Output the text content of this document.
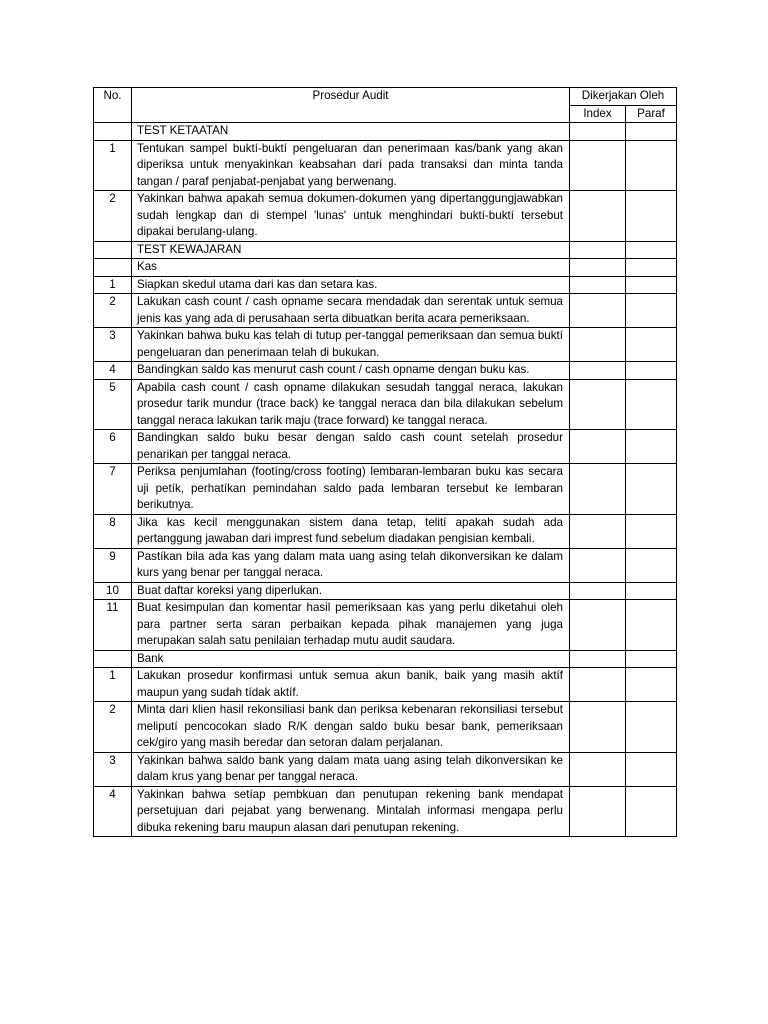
No.	Prosedur Audit	Dikerjakan Oleh	
		Index	Paraf
	TEST KETAATAN		
1	Tentukan sampel buktí-buktí pengeluaran dan penerimaan kas/bank yang akan diperiksa untuk menyakinkan keabsahan dari pada transaksi dan minta tanda tangan / paraf penjabat-penjabat yang berwenang.		
2	Yakinkan bahwa apakah semua dokumen-dokumen yang dipertanggungjawabkan sudah lengkap dan di stempel 'lunas' untuk menghindari buktí-buktí tersebut dipakai berulang-ulang.		
	TEST KEWAJARAN		
	Kas		
1	Siapkan skedul utama dari kas dan setara kas.		
2	Lakukan cash count / cash opname secara mendadak dan serentak untuk semua jenis kas yang ada di perusahaan serta dibuatkan berita acara pemeriksaan.		
3	Yakinkan bahwa buku kas telah di tutup per-tanggal pemeriksaan dan semua buktí pengeluaran dan penerimaan telah di bukukan.		
4	Bandingkan saldo kas menurut cash count / cash opname dengan buku kas.		
5	Apabila cash count / cash opname dilakukan sesudah tanggal neraca, lakukan prosedur tarik mundur (trace back) ke tanggal neraca dan bila dilakukan sebelum tanggal neraca lakukan tarik maju (trace forward) ke tanggal neraca.		
6	Bandingkan saldo buku besar dengan saldo cash count setelah prosedur penarikan per tanggal neraca.		
7	Periksa penjumlahan (footíng/cross footíng) lembaran-lembaran buku kas secara uji petík, perhatíkan pemindahan saldo pada lembaran tersebut ke lembaran berikutnya.		
8	Jika kas kecil menggunakan sistem dana tetap, telití apakah sudah ada pertanggung jawaban dari imprest fund sebelum diadakan pengisian kembali.		
9	Pastíkan bila ada kas yang dalam mata uang asing telah dikonversikan ke dalam kurs yang benar per tanggal neraca.		
10	Buat daftar koreksi yang diperlukan.		
11	Buat kesimpulan dan komentar hasil pemeriksaan kas yang perlu diketahui oleh para partner serta saran perbaikan kepada pihak manajemen yang juga merupakan salah satu penilaian terhadap mutu audit saudara.		
	Bank		
1	Lakukan prosedur konfirmasi untuk semua akun banik, baik yang masih aktíf maupun yang sudah tídak aktíf.		
2	Minta dari klien hasil rekonsiliasi bank dan periksa kebenaran rekonsiliasi tersebut meliputí pencocokan slado R/K dengan saldo buku besar bank, pemeriksaan cek/giro yang masih beredar dan setoran dalam perjalanan.		
3	Yakinkan bahwa saldo bank yang dalam mata uang asing telah dikonversikan ke dalam krus yang benar per tanggal neraca.		
4	Yakinkan bahwa setíap pembkuan dan penutupan rekening bank mendapat persetujuan dari pejabat yang berwenang. Mintalah informasi mengapa perlu dibuka rekening baru maupun alasan dari penutupan rekening.		
